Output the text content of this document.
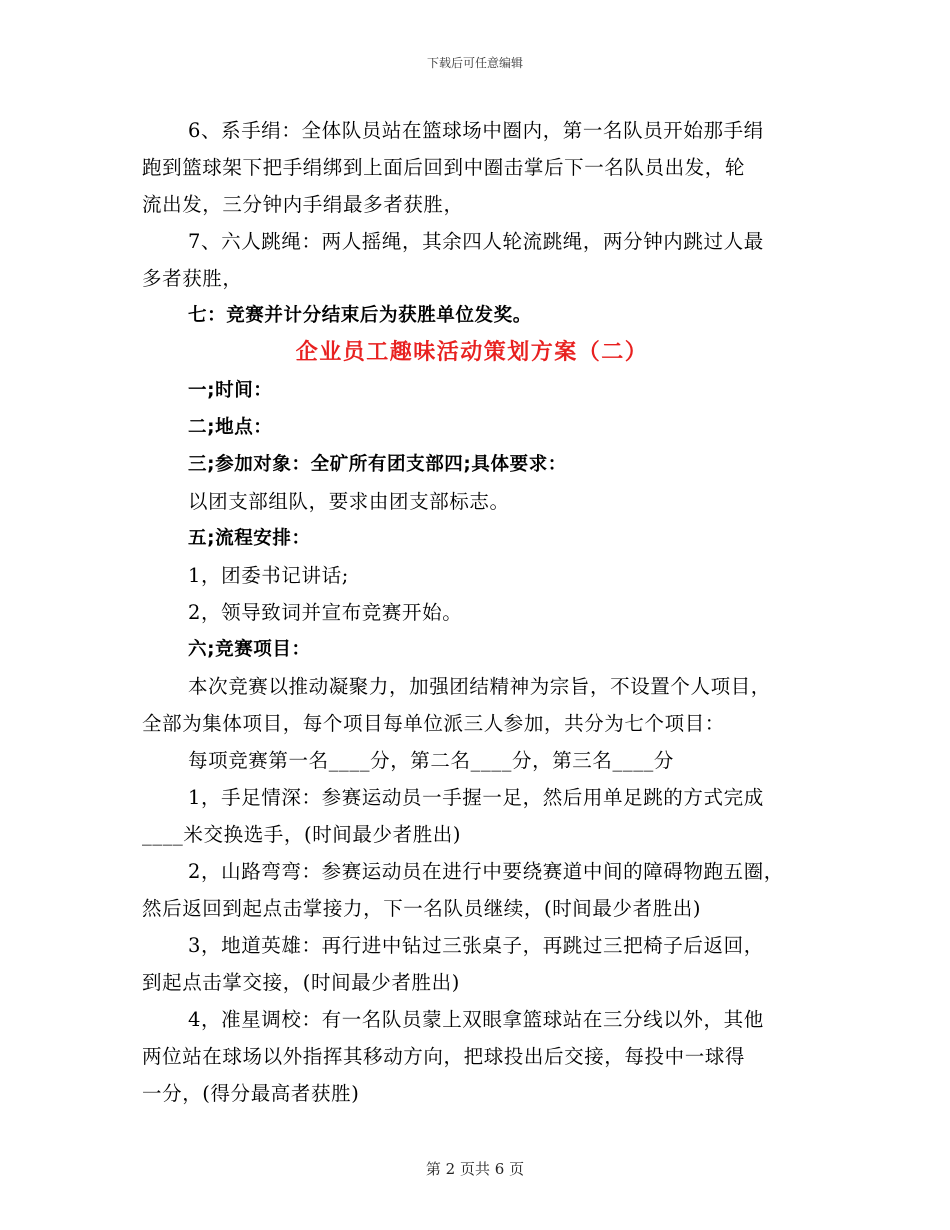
下载后可任意编辑
6、系手绢：全体队员站在篮球场中圈内，第一名队员开始那手绢
跑到篮球架下把手绢绑到上面后回到中圈击掌后下一名队员出发，轮
流出发，三分钟内手绢最多者获胜，
7、六人跳绳：两人摇绳，其余四人轮流跳绳，两分钟内跳过人最
多者获胜，
七：竞赛并计分结束后为获胜单位发奖。
企业员工趣味活动策划方案（二）
一;时间：
二;地点：
三;参加对象：全矿所有团支部四;具体要求：
以团支部组队，要求由团支部标志。
五;流程安排：
1，团委书记讲话;
2，领导致词并宣布竞赛开始。
六;竞赛项目：
本次竞赛以推动凝聚力，加强团结精神为宗旨，不设置个人项目，
全部为集体项目，每个项目每单位派三人参加，共分为七个项目：
每项竞赛第一名____分，第二名____分，第三名____分
1，手足情深：参赛运动员一手握一足，然后用单足跳的方式完成
____米交换选手，(时间最少者胜出)
2，山路弯弯：参赛运动员在进行中要绕赛道中间的障碍物跑五圈，
然后返回到起点击掌接力，下一名队员继续，(时间最少者胜出)
3，地道英雄：再行进中钻过三张桌子，再跳过三把椅子后返回，
到起点击掌交接，(时间最少者胜出)
4，准星调校：有一名队员蒙上双眼拿篮球站在三分线以外，其他
两位站在球场以外指挥其移动方向，把球投出后交接，每投中一球得
一分，(得分最高者获胜)
第 2 页共 6 页
